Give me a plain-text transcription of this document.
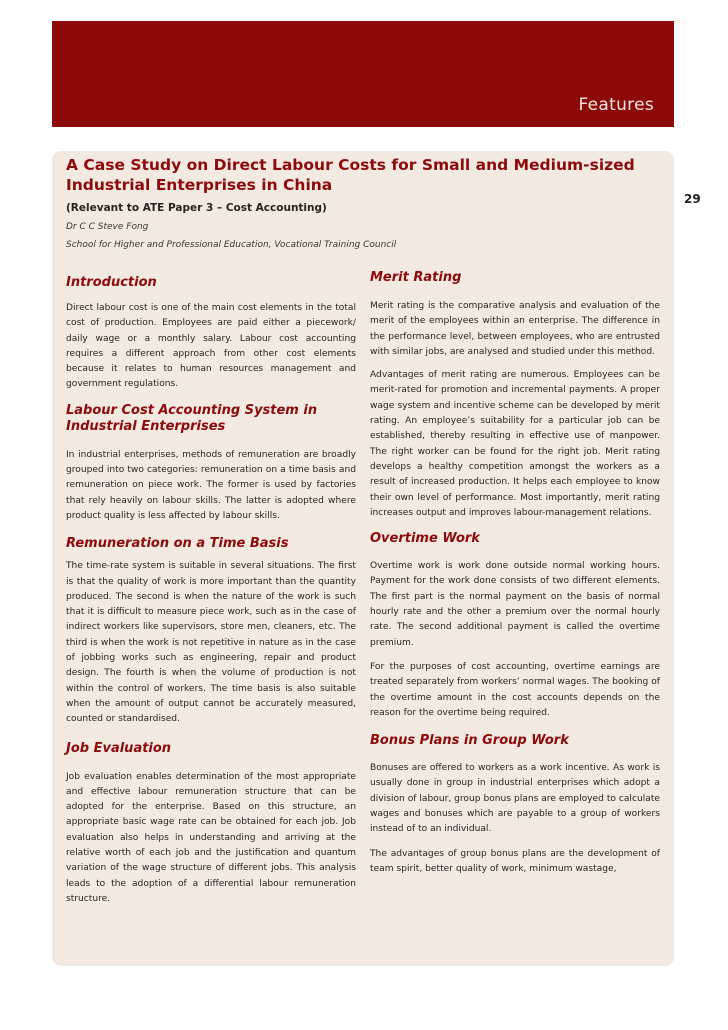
Features
29
A Case Study on Direct Labour Costs for Small and Medium-sized Industrial Enterprises in China
(Relevant to ATE Paper 3 – Cost Accounting)
Dr C C Steve Fong
School for Higher and Professional Education, Vocational Training Council
Introduction

Direct labour cost is one of the main cost elements in the total cost of production. Employees are paid either a piecework/ daily wage or a monthly salary. Labour cost accounting requires a different approach from other cost elements because it relates to human resources management and government regulations.

Labour Cost Accounting System in Industrial Enterprises

In industrial enterprises, methods of remuneration are broadly grouped into two categories: remuneration on a time basis and remuneration on piece work. The former is used by factories that rely heavily on labour skills. The latter is adopted where product quality is less affected by labour skills.

Remuneration on a Time Basis

The time-rate system is suitable in several situations. The first is that the quality of work is more important than the quantity produced. The second is when the nature of the work is such that it is difficult to measure piece work, such as in the case of indirect workers like supervisors, store men, cleaners, etc. The third is when the work is not repetitive in nature as in the case of jobbing works such as engineering, repair and product design. The fourth is when the volume of production is not within the control of workers. The time basis is also suitable when the amount of output cannot be accurately measured, counted or standardised.

Job Evaluation

Job evaluation enables determination of the most appropriate and effective labour remuneration structure that can be adopted for the enterprise. Based on this structure, an appropriate basic wage rate can be obtained for each job. Job evaluation also helps in understanding and arriving at the relative worth of each job and the justification and quantum variation of the wage structure of different jobs. This analysis leads to the adoption of a differential labour remuneration structure.

Merit Rating

Merit rating is the comparative analysis and evaluation of the merit of the employees within an enterprise. The difference in the performance level, between employees, who are entrusted with similar jobs, are analysed and studied under this method.

Advantages of merit rating are numerous. Employees can be merit-rated for promotion and incremental payments. A proper wage system and incentive scheme can be developed by merit rating. An employee’s suitability for a particular job can be established, thereby resulting in effective use of manpower. The right worker can be found for the right job. Merit rating develops a healthy competition amongst the workers as a result of increased production. It helps each employee to know their own level of performance. Most importantly, merit rating increases output and improves labour-management relations.

Overtime Work

Overtime work is work done outside normal working hours. Payment for the work done consists of two different elements. The first part is the normal payment on the basis of normal hourly rate and the other a premium over the normal hourly rate. The second additional payment is called the overtime premium.

For the purposes of cost accounting, overtime earnings are treated separately from workers’ normal wages. The booking of the overtime amount in the cost accounts depends on the reason for the overtime being required.

Bonus Plans in Group Work

Bonuses are offered to workers as a work incentive. As work is usually done in group in industrial enterprises which adopt a division of labour, group bonus plans are employed to calculate wages and bonuses which are payable to a group of workers instead of to an individual.

The advantages of group bonus plans are the development of team spirit, better quality of work, minimum wastage,
